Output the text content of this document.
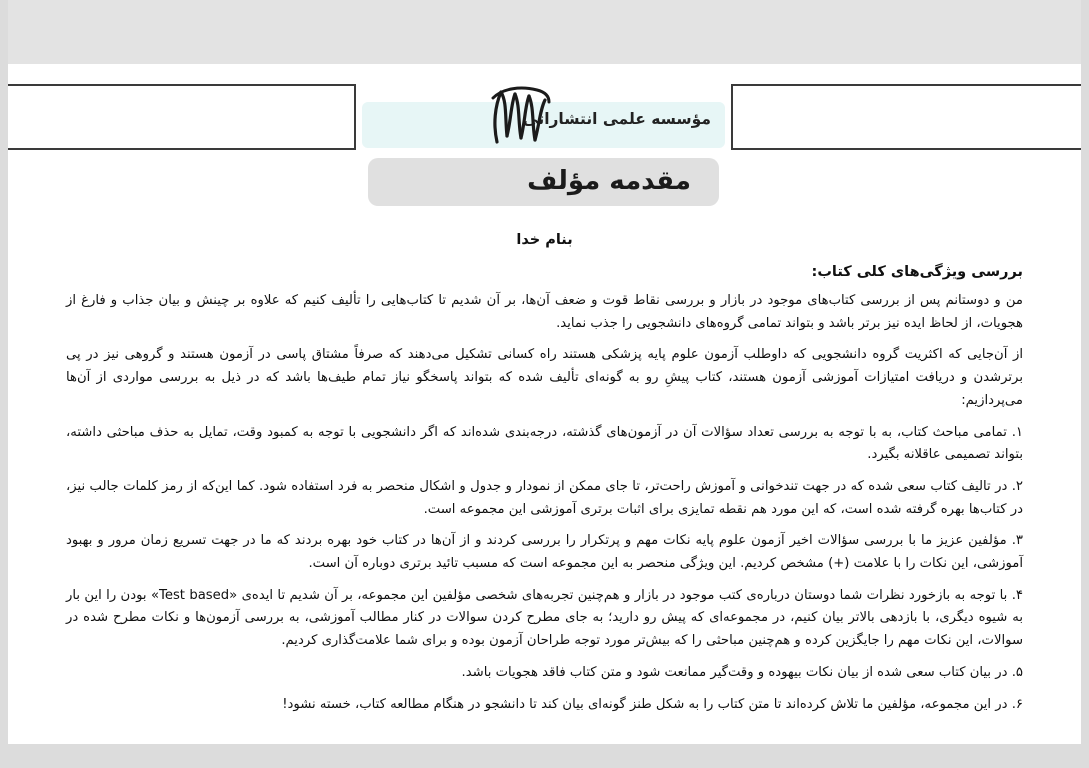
مؤسسه علمی انتشاراتی
مقدمه مؤلف
بنام خدا
بررسی ویژگی‌های کلی کتاب:

من و دوستانم پس از بررسی کتاب‌های موجود در بازار و بررسی نقاط قوت و ضعف آن‌ها، بر آن شدیم تا کتاب‌هایی را تألیف کنیم که علاوه بر چینش و بیان جذاب و فارغ از هجویات، از لحاظ ایده نیز برتر باشد و بتواند تمامی گروه‌های دانشجویی را جذب نماید.

از آن‌جایی که اکثریت گروه دانشجویی که داوطلب آزمون علوم پایه پزشکی هستند راه کسانی تشکیل می‌دهند که صرفاً مشتاق پاسی در آزمون هستند و گروهی نیز در پی برترشدن و دریافت امتیازات آموزشی آزمون هستند، کتاب پیشِ رو به گونه‌ای تألیف شده که بتواند پاسخگو نیاز تمام طیف‌ها باشد که در ذیل به بررسی مواردی از آن‌ها می‌پردازیم:

۱. تمامی مباحث کتاب، به با توجه به بررسی تعداد سؤالات آن در آزمون‌های گذشته، درجه‌بندی شده‌اند که اگر دانشجویی با توجه به کمبود وقت، تمایل به حذف مباحثی داشته، بتواند تصمیمی عاقلانه بگیرد.

۲. در تالیف کتاب سعی شده که در جهت تندخوانی و آموزش راحت‌تر، تا جای ممکن از نمودار و جدول و اشکال منحصر به فرد استفاده شود. کما این‌که از رمز کلمات جالب نیز، در کتاب‌ها بهره گرفته شده است، که این مورد هم نقطه تمایزی برای اثبات برتری آموزشی این مجموعه است.

۳. مؤلفین عزیز ما با بررسی سؤالات اخیر آزمون علوم پایه نکات مهم و پرتکرار را بررسی کردند و از آن‌ها در کتاب خود بهره بردند که ما در جهت تسریع زمان مرور و بهبود آموزشی، این نکات را با علامت (+) مشخص کردیم. این ویژگی منحصر به این مجموعه است که مسبب تائید برتری دوباره آن است.

۴. با توجه به بازخورد نظرات شما دوستان درباره‌ی کتب موجود در بازار و هم‌چنین تجربه‌های شخصی مؤلفین این مجموعه، بر آن شدیم تا ایده‌ی «Test based» بودن را این بار به شیوه دیگری، با بازدهی بالاتر بیان کنیم، در مجموعه‌ای که پیش رو دارید؛ به جای مطرح کردن سوالات در کنار مطالب آموزشی، به بررسی آزمون‌ها و نکات مطرح شده در سوالات، این نکات مهم را جایگزین کرده و هم‌چنین مباحثی را که بیش‌تر مورد توجه طراحان آزمون بوده و برای شما علامت‌گذاری کردیم.

۵. در بیان کتاب سعی شده از بیان نکات بیهوده و وقت‌گیر ممانعت شود و متن کتاب فاقد هجویات باشد.

۶. در این مجموعه، مؤلفین ما تلاش کرده‌اند تا متن کتاب را به شکل طنز گونه‌ای بیان کند تا دانشجو در هنگام مطالعه کتاب، خسته نشود!
